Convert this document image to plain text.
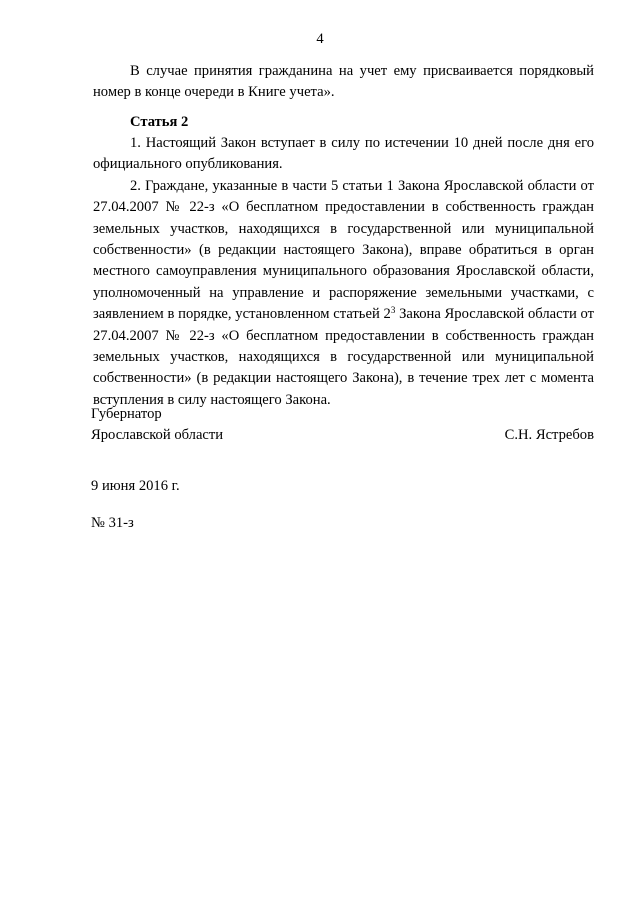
4

В случае принятия гражданина на учет ему присваивается порядковый номер в конце очереди в Книге учета».

Статья 2

1. Настоящий Закон вступает в силу по истечении 10 дней после дня его официального опубликования.

2. Граждане, указанные в части 5 статьи 1 Закона Ярославской области от 27.04.2007 № 22-з «О бесплатном предоставлении в собственность граждан земельных участков, находящихся в государственной или муниципальной собственности» (в редакции настоящего Закона), вправе обратиться в орган местного самоуправления муниципального образования Ярославской области, уполномоченный на управление и распоряжение земельными участками, с заявлением в порядке, установленном статьей $2^3$ Закона Ярославской области от 27.04.2007 № 22-з «О бесплатном предоставлении в собственность граждан земельных участков, находящихся в государственной или муниципальной собственности» (в редакции настоящего Закона), в течение трех лет с момента вступления в силу настоящего Закона.

Губернатор
Ярославской области	С.Н. Ястребов
9 июня 2016 г.
№ 31-з
